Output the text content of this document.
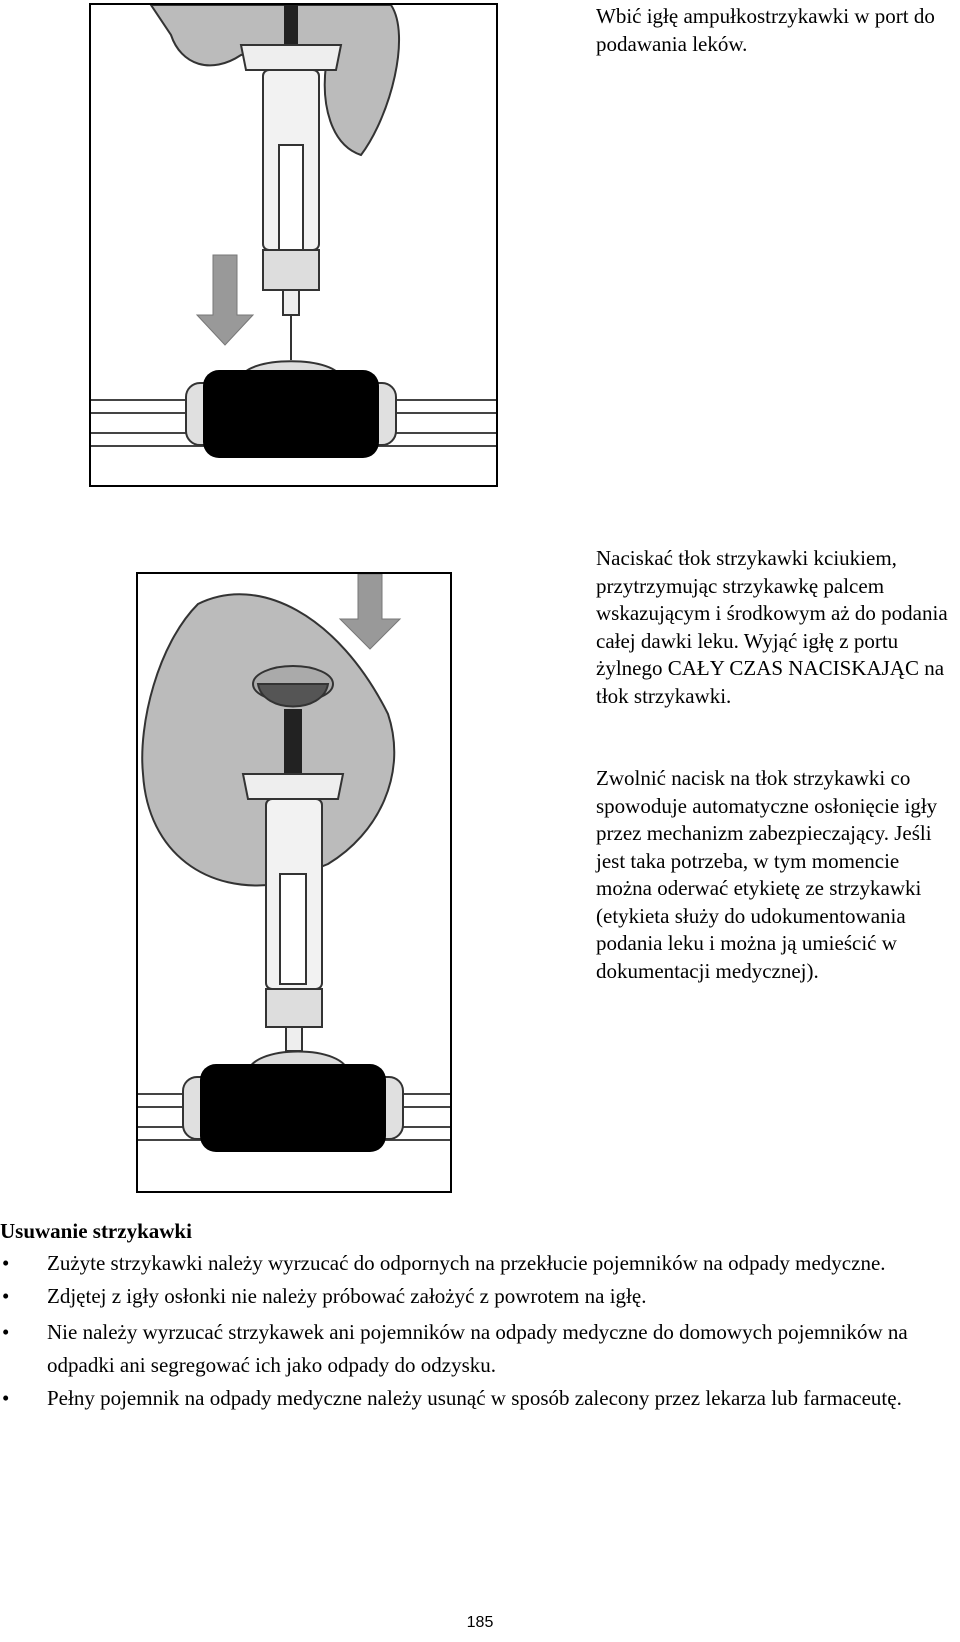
Wbić igłę ampułkostrzykawki w port do podawania leków.

Naciskać tłok strzykawki kciukiem, przytrzymując strzykawkę palcem wskazującym i środkowym aż do podania całej dawki leku. Wyjąć igłę z portu żylnego CAŁY CZAS NACISKAJĄC na tłok strzykawki.

Zwolnić nacisk na tłok strzykawki co spowoduje automatyczne osłonięcie igły przez mechanizm zabezpieczający. Jeśli jest taka potrzeba, w tym momencie można oderwać etykietę ze strzykawki (etykieta służy do udokumentowania podania leku i można ją umieścić w dokumentacji medycznej).

Usuwanie strzykawki
• Zużyte strzykawki należy wyrzucać do odpornych na przekłucie pojemników na odpady medyczne.
• Zdjętej z igły osłonki nie należy próbować założyć z powrotem na igłę.
• Nie należy wyrzucać strzykawek ani pojemników na odpady medyczne do domowych pojemników na odpadki ani segregować ich jako odpady do odzysku.
• Pełny pojemnik na odpady medyczne należy usunąć w sposób zalecony przez lekarza lub farmaceutę.
185
